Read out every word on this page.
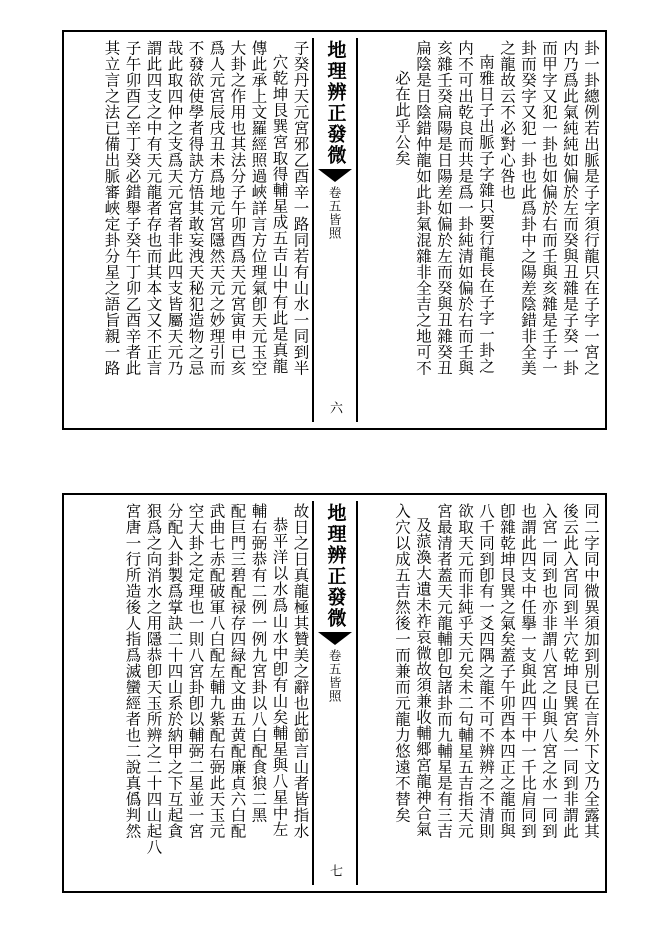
卦一卦總例若出脈是子字須行龍只在子字一宮之
内乃爲此氣純純如偏於左而癸與丑雜是子癸一卦
而甲字又犯一卦也如偏於右而壬與亥雜是壬子一
卦而癸字又犯一卦也此爲卦中之陽差陰錯非全美
之龍故云不必對心咎也
南雅日子出脈子字雜只要行龍長在子字一卦之
内不可出乾良而共是爲一卦純清如偏於右而壬與
亥雜壬癸扁陽是日陽差如偏於左而癸與丑雜癸丑
扁陰是日陰錯仲龍如此卦氣混雜非全吉之地可不
必在此乎公矣
地理辨正發微
卷五皆照
六
子癸丹天元宮邪乙酉辛一路同若有山水一同到半
穴乾坤艮巽宮取得輔星成五吉山中有此是真龍
傳此承上文羅經照過峽詳言方位理氣卽天元玉空
大卦之作用也其法分子午卯酉爲天元宮寅申已亥
爲人元宮辰戌丑未爲地元宮隱然天元之妙理引而
不發欲使學者得訣方悟其敢妄洩天秘犯造物之忌
哉此取四仲之支爲天元宮者非此四支皆屬天元乃
謂此四支之中有天元龍者存也而其本文又不正言
子午卯酉乙辛丁癸必錯舉子癸午丁卯乙酉辛者此
其立言之法已備出脈審峽定卦分星之語旨親一路
同二字同中微異須加到別已在言外下文乃全露其
後云此入宮同到半穴乾坤艮巽宮矣一同到非謂此
入宮一同到也亦非謂八宮之山與八宮之水一同到
也謂此四支中任擧一支與此四干中一千比肩同到
卽雜乾坤艮巽之氣矣蓋子午卯酉本四正之龍而與
八千同到卽有一爻四隅之龍不可不辨辨之不清則
欲取天元而非純乎天元矣未二句輔星五吉指天元
宮最清者蓋天元龍輔卽包諸卦而九輔星是有三吉
及蒎渙大遺未祚哀微故須兼收輔郷宮龍神合氣
入穴以成五吉然後一而兼而元龍力悠遠不替矣
地理辨正發微
卷五皆照
七
故日之日真龍極其贊美之辭也此節言山者皆指水
恭平洋以水爲山水中卽有山矣輔星與八星中左
輔右弼恭有二例一例九宮卦以八白配食狼二黑
配巨門三碧配禄存四緑配文曲五黄配廉貞六白配
武曲七赤配破軍八白配左輔九紫配右弼此天玉元
空大卦之定理也一則八宮卦卽以輔弼二星並一宮
分配入卦製爲掌訣二十四山系於納甲之下互起貪
狠爲之向消水之用隱恭卽天玉所辨之二十四山起八
宮唐一行所造後人指爲滅蠻經者也二說真僞判然
